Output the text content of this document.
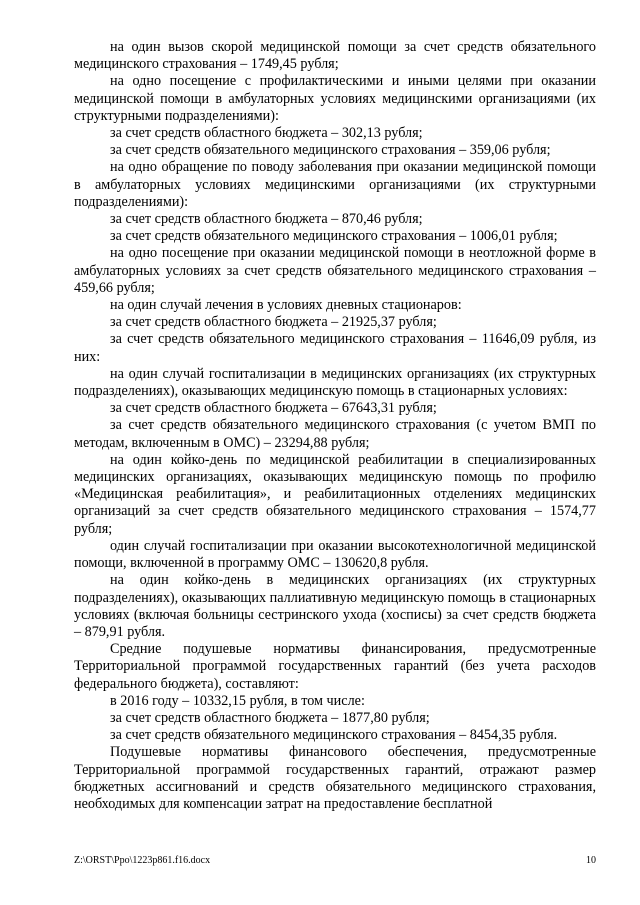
на один вызов скорой медицинской помощи за счет средств обязательного медицинского страхования – 1749,45 рубля;

на одно посещение с профилактическими и иными целями при оказании медицинской помощи в амбулаторных условиях медицинскими организациями (их структурными подразделениями):

за счет средств областного бюджета – 302,13 рубля;

за счет средств обязательного медицинского страхования – 359,06 рубля;

на одно обращение по поводу заболевания при оказании медицинской помощи в амбулаторных условиях медицинскими организациями (их структурными подразделениями):

за счет средств областного бюджета – 870,46 рубля;

за счет средств обязательного медицинского страхования – 1006,01 рубля;

на одно посещение при оказании медицинской помощи в неотложной форме в амбулаторных условиях за счет средств обязательного медицинского страхования – 459,66 рубля;

на один случай лечения в условиях дневных стационаров:

за счет средств областного бюджета – 21925,37 рубля;

за счет средств обязательного медицинского страхования – 11646,09 рубля, из них:

на один случай госпитализации в медицинских организациях (их структурных подразделениях), оказывающих медицинскую помощь в стационарных условиях:

за счет средств областного бюджета – 67643,31 рубля;

за счет средств обязательного медицинского страхования (с учетом ВМП по методам, включенным в ОМС) – 23294,88 рубля;

на один койко-день по медицинской реабилитации в специализированных медицинских организациях, оказывающих медицинскую помощь по профилю «Медицинская реабилитация», и реабилитационных отделениях медицинских организаций за счет средств обязательного медицинского страхования – 1574,77 рубля;

один случай госпитализации при оказании высокотехнологичной медицинской помощи, включенной в программу ОМС – 130620,8 рубля.

на один койко-день в медицинских организациях (их структурных подразделениях), оказывающих паллиативную медицинскую помощь в стационарных условиях (включая больницы сестринского ухода (хосписы) за счет средств бюджета – 879,91 рубля.

Средние подушевые нормативы финансирования, предусмотренные Территориальной программой государственных гарантий (без учета расходов федерального бюджета), составляют:

в 2016 году – 10332,15 рубля, в том числе:

за счет средств областного бюджета – 1877,80 рубля;

за счет средств обязательного медицинского страхования – 8454,35 рубля.

Подушевые нормативы финансового обеспечения, предусмотренные Территориальной программой государственных гарантий, отражают размер бюджетных ассигнований и средств обязательного медицинского страхования, необходимых для компенсации затрат на предоставление бесплатной

Z:\ORST\Ppo\1223p861.f16.docx	10
